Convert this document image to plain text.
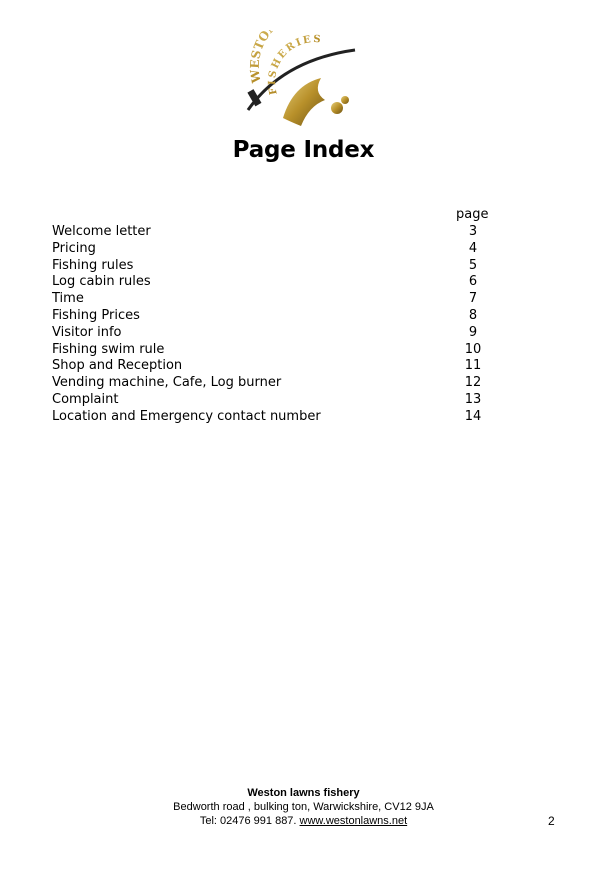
WESTO
FISHERIES
Page Index
page
Welcome letter	3
Pricing	4
Fishing rules	5
Log cabin rules	6
Time	7
Fishing Prices	8
Visitor info	9
Fishing swim rule	10
Shop and Reception	11
Vending machine, Cafe, Log burner	12
Complaint	13
Location and Emergency contact number	14
Weston lawns fishery
Bedworth road , bulking ton, Warwickshire, CV12 9JA
Tel: 02476 991 887. www.westonlawns.net	2
